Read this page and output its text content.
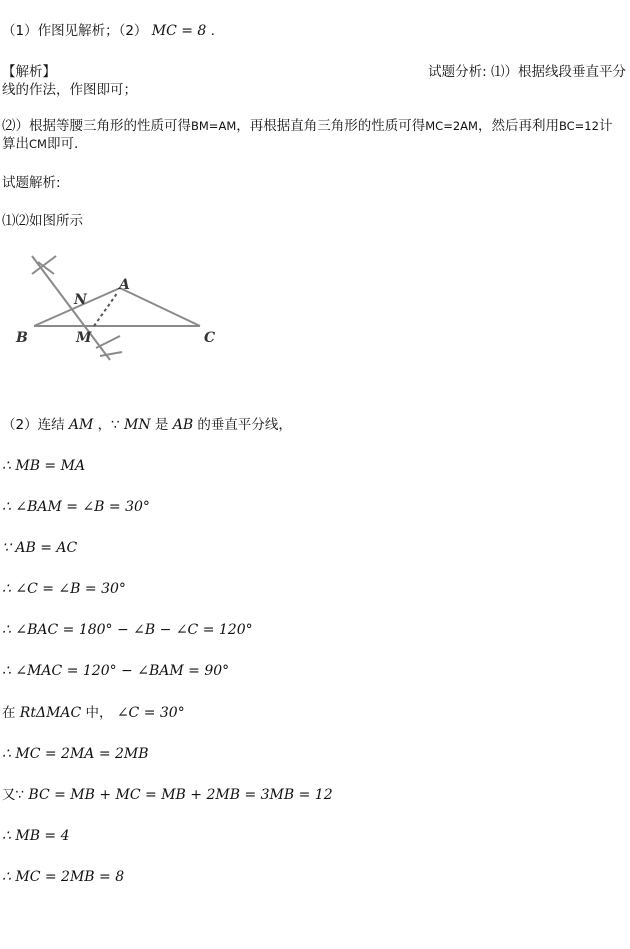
（1）作图见解析；（2） MC = 8 .
【解析】	试题分析: ⑴）根据线段垂直平分
线的作法，作图即可；
⑵）根据等腰三角形的性质可得BM=AM，再根据直角三角形的性质可得MC=2AM，然后再利用BC=12计
算出CM即可.
试题解析:
⑴⑵如图所示
A
B	C
M
N
（2）连结 AM ，∵ MN 是 AB 的垂直平分线，
∴ MB = MA
∴ ∠BAM = ∠B = 30°
∵ AB = AC
∴ ∠C = ∠B = 30°
∴ ∠BAC = 180° − ∠B − ∠C = 120°
∴ ∠MAC = 120° − ∠BAM = 90°
在 RtΔMAC 中， ∠C = 30°
∴ MC = 2MA = 2MB
又∵ BC = MB + MC = MB + 2MB = 3MB = 12
∴ MB = 4
∴ MC = 2MB = 8
